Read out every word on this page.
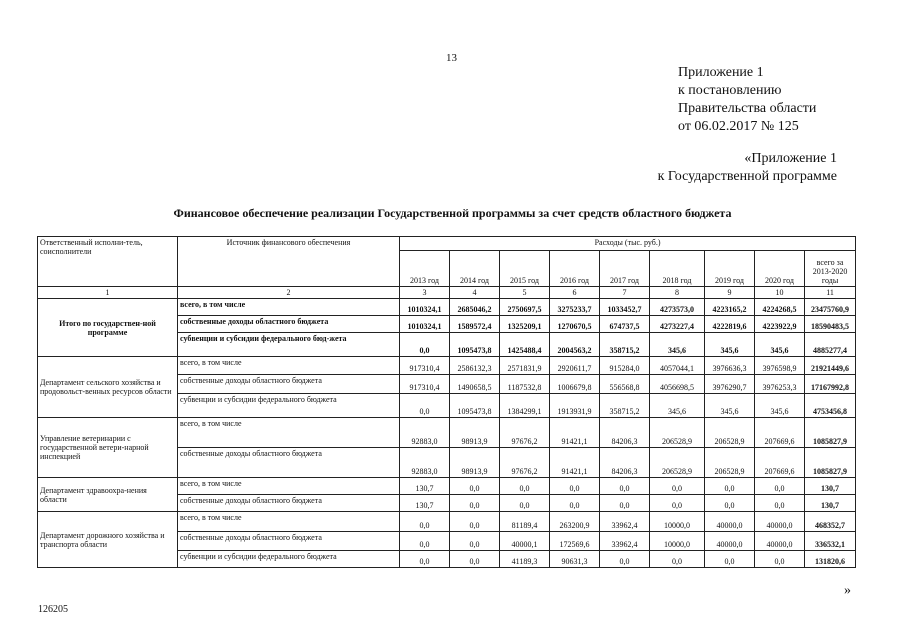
13
Приложение 1
к постановлению
Правительства области
от 06.02.2017 № 125
«Приложение 1
к Государственной программе
Финансовое обеспечение реализации Государственной программы за счет средств областного бюджета
Ответственный исполни-тель, соисполнители	Источник финансового обеспечения	Расходы (тыс. руб.)								
		2013 год	2014 год	2015 год	2016 год	2017 год	2018 год	2019 год	2020 год	всего за 2013-2020 годы
1	2	3	4	5	6	7	8	9	10	11
Итого по государствен-ной программе	всего, в том числе	1010324,1	2685046,2	2750697,5	3275233,7	1033452,7	4273573,0	4223165,2	4224268,5	23475760,9
	собственные доходы областного бюджета	1010324,1	1589572,4	1325209,1	1270670,5	674737,5	4273227,4	4222819,6	4223922,9	18590483,5
	субвенции и субсидии федерального бюд-жета	0,0	1095473,8	1425488,4	2004563,2	358715,2	345,6	345,6	345,6	4885277,4
Департамент сельского хозяйства и продовольст-венных ресурсов области	всего, в том числе	917310,4	2586132,3	2571831,9	2920611,7	915284,0	4057044,1	3976636,3	3976598,9	21921449,6
	собственные доходы областного бюджета	917310,4	1490658,5	1187532,8	1006679,8	556568,8	4056698,5	3976290,7	3976253,3	17167992,8
	субвенции и субсидии федерального бюджета	0,0	1095473,8	1384299,1	1913931,9	358715,2	345,6	345,6	345,6	4753456,8
Управление ветеринарии с государственной ветери-нарной инспекцией	всего, в том числе	92883,0	98913,9	97676,2	91421,1	84206,3	206528,9	206528,9	207669,6	1085827,9
	собственные доходы областного бюджета	92883,0	98913,9	97676,2	91421,1	84206,3	206528,9	206528,9	207669,6	1085827,9
Департамент здравоохра-нения области	всего, в том числе	130,7	0,0	0,0	0,0	0,0	0,0	0,0	0,0	130,7
	собственные доходы областного бюджета	130,7	0,0	0,0	0,0	0,0	0,0	0,0	0,0	130,7
Департамент дорожного хозяйства и транспорта области	всего, в том числе	0,0	0,0	81189,4	263200,9	33962,4	10000,0	40000,0	40000,0	468352,7
	собственные доходы областного бюджета	0,0	0,0	40000,1	172569,6	33962,4	10000,0	40000,0	40000,0	336532,1
	субвенции и субсидии федерального бюджета	0,0	0,0	41189,3	90631,3	0,0	0,0	0,0	0,0	131820,6
»
126205
